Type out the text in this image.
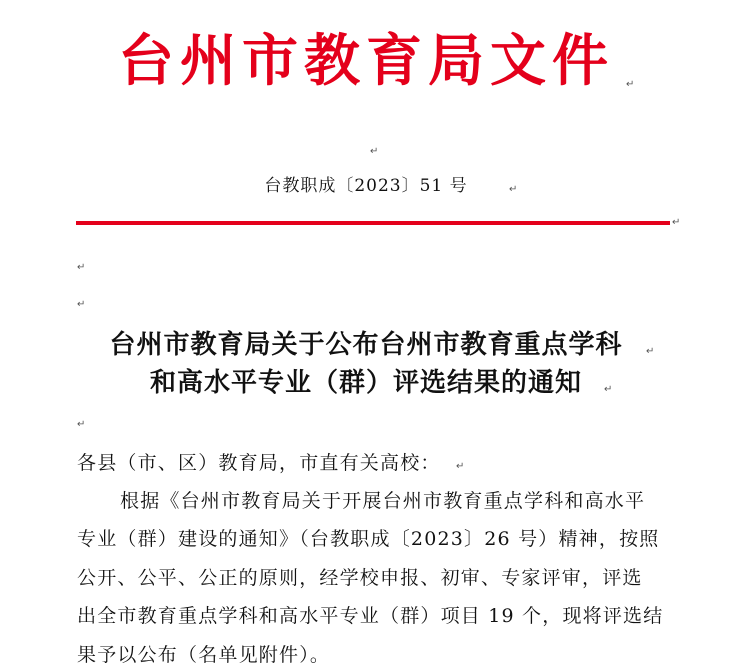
台州市教育局文件	↵
↵
台教职成〔2023〕51 号	↵
↵
↵
↵
台州市教育局关于公布台州市教育重点学科	↵
和高水平专业（群）评选结果的通知	↵
↵
各县（市、区）教育局，市直有关高校：	↵
根据《台州市教育局关于开展台州市教育重点学科和高水平
专业（群）建设的通知》（台教职成〔2023〕26 号）精神，按照
公开、公平、公正的原则，经学校申报、初审、专家评审，评选
出全市教育重点学科和高水平专业（群）项目 19 个，现将评选结
果予以公布（名单见附件）。
